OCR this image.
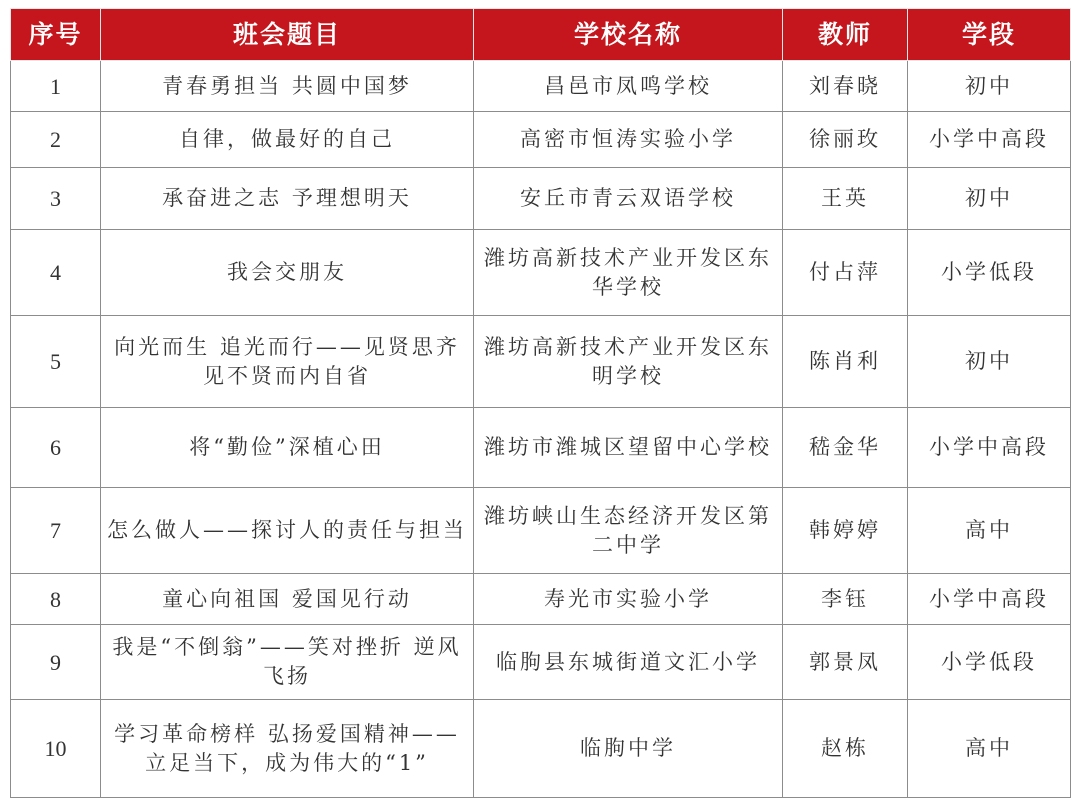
序号	班会题目	学校名称	教师	学段
1	青春勇担当 共圆中国梦	昌邑市凤鸣学校	刘春晓	初中
2	自律，做最好的自己	高密市恒涛实验小学	徐丽玫	小学中高段
3	承奋进之志 予理想明天	安丘市青云双语学校	王英	初中
4	我会交朋友	潍坊高新技术产业开发区东华学校	付占萍	小学低段
5	向光而生 追光而行——见贤思齐见不贤而内自省	潍坊高新技术产业开发区东明学校	陈肖利	初中
6	将“勤俭”深植心田	潍坊市潍城区望留中心学校	嵇金华	小学中高段
7	怎么做人——探讨人的责任与担当	潍坊峡山生态经济开发区第二中学	韩婷婷	高中
8	童心向祖国 爱国见行动	寿光市实验小学	李钰	小学中高段
9	我是“不倒翁”——笑对挫折 逆风飞扬	临朐县东城街道文汇小学	郭景凤	小学低段
10	学习革命榜样 弘扬爱国精神——立足当下，成为伟大的“1”	临朐中学	赵栋	高中
